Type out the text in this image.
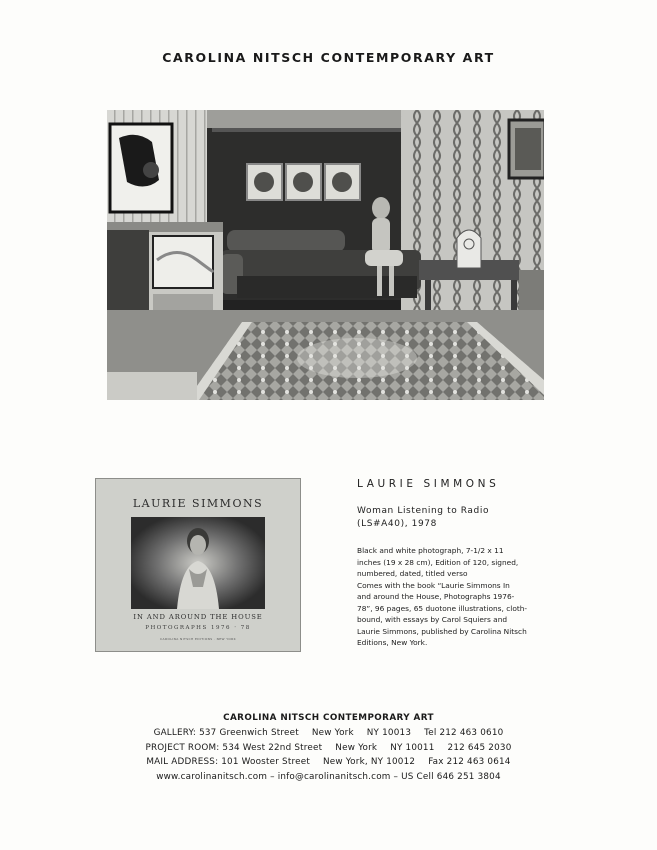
CAROLINA NITSCH CONTEMPORARY ART
LAURIE SIMMONS
IN AND AROUND THE HOUSE
PHOTOGRAPHS 1976 · 78
CAROLINA NITSCH EDITIONS · NEW YORK
LAURIE SIMMONS
Woman Listening to Radio
(LS#A40), 1978
Black and white photograph, 7-1/2 x 11
inches (19 x 28 cm), Edition of 120, signed,
numbered, dated, titled verso
Comes with the book “Laurie Simmons In
and around the House, Photographs 1976-
78”, 96 pages, 65 duotone illustrations, cloth-
bound, with essays by Carol Squiers and
Laurie Simmons, published by Carolina Nitsch
Editions, New York.
CAROLINA NITSCH CONTEMPORARY ART
GALLERY: 537 Greenwich Street New York NY 10013 Tel 212 463 0610
PROJECT ROOM: 534 West 22nd Street New York NY 10011 212 645 2030
MAIL ADDRESS: 101 Wooster Street New York, NY 10012 Fax 212 463 0614
www.carolinanitsch.com – info@carolinanitsch.com – US Cell 646 251 3804
